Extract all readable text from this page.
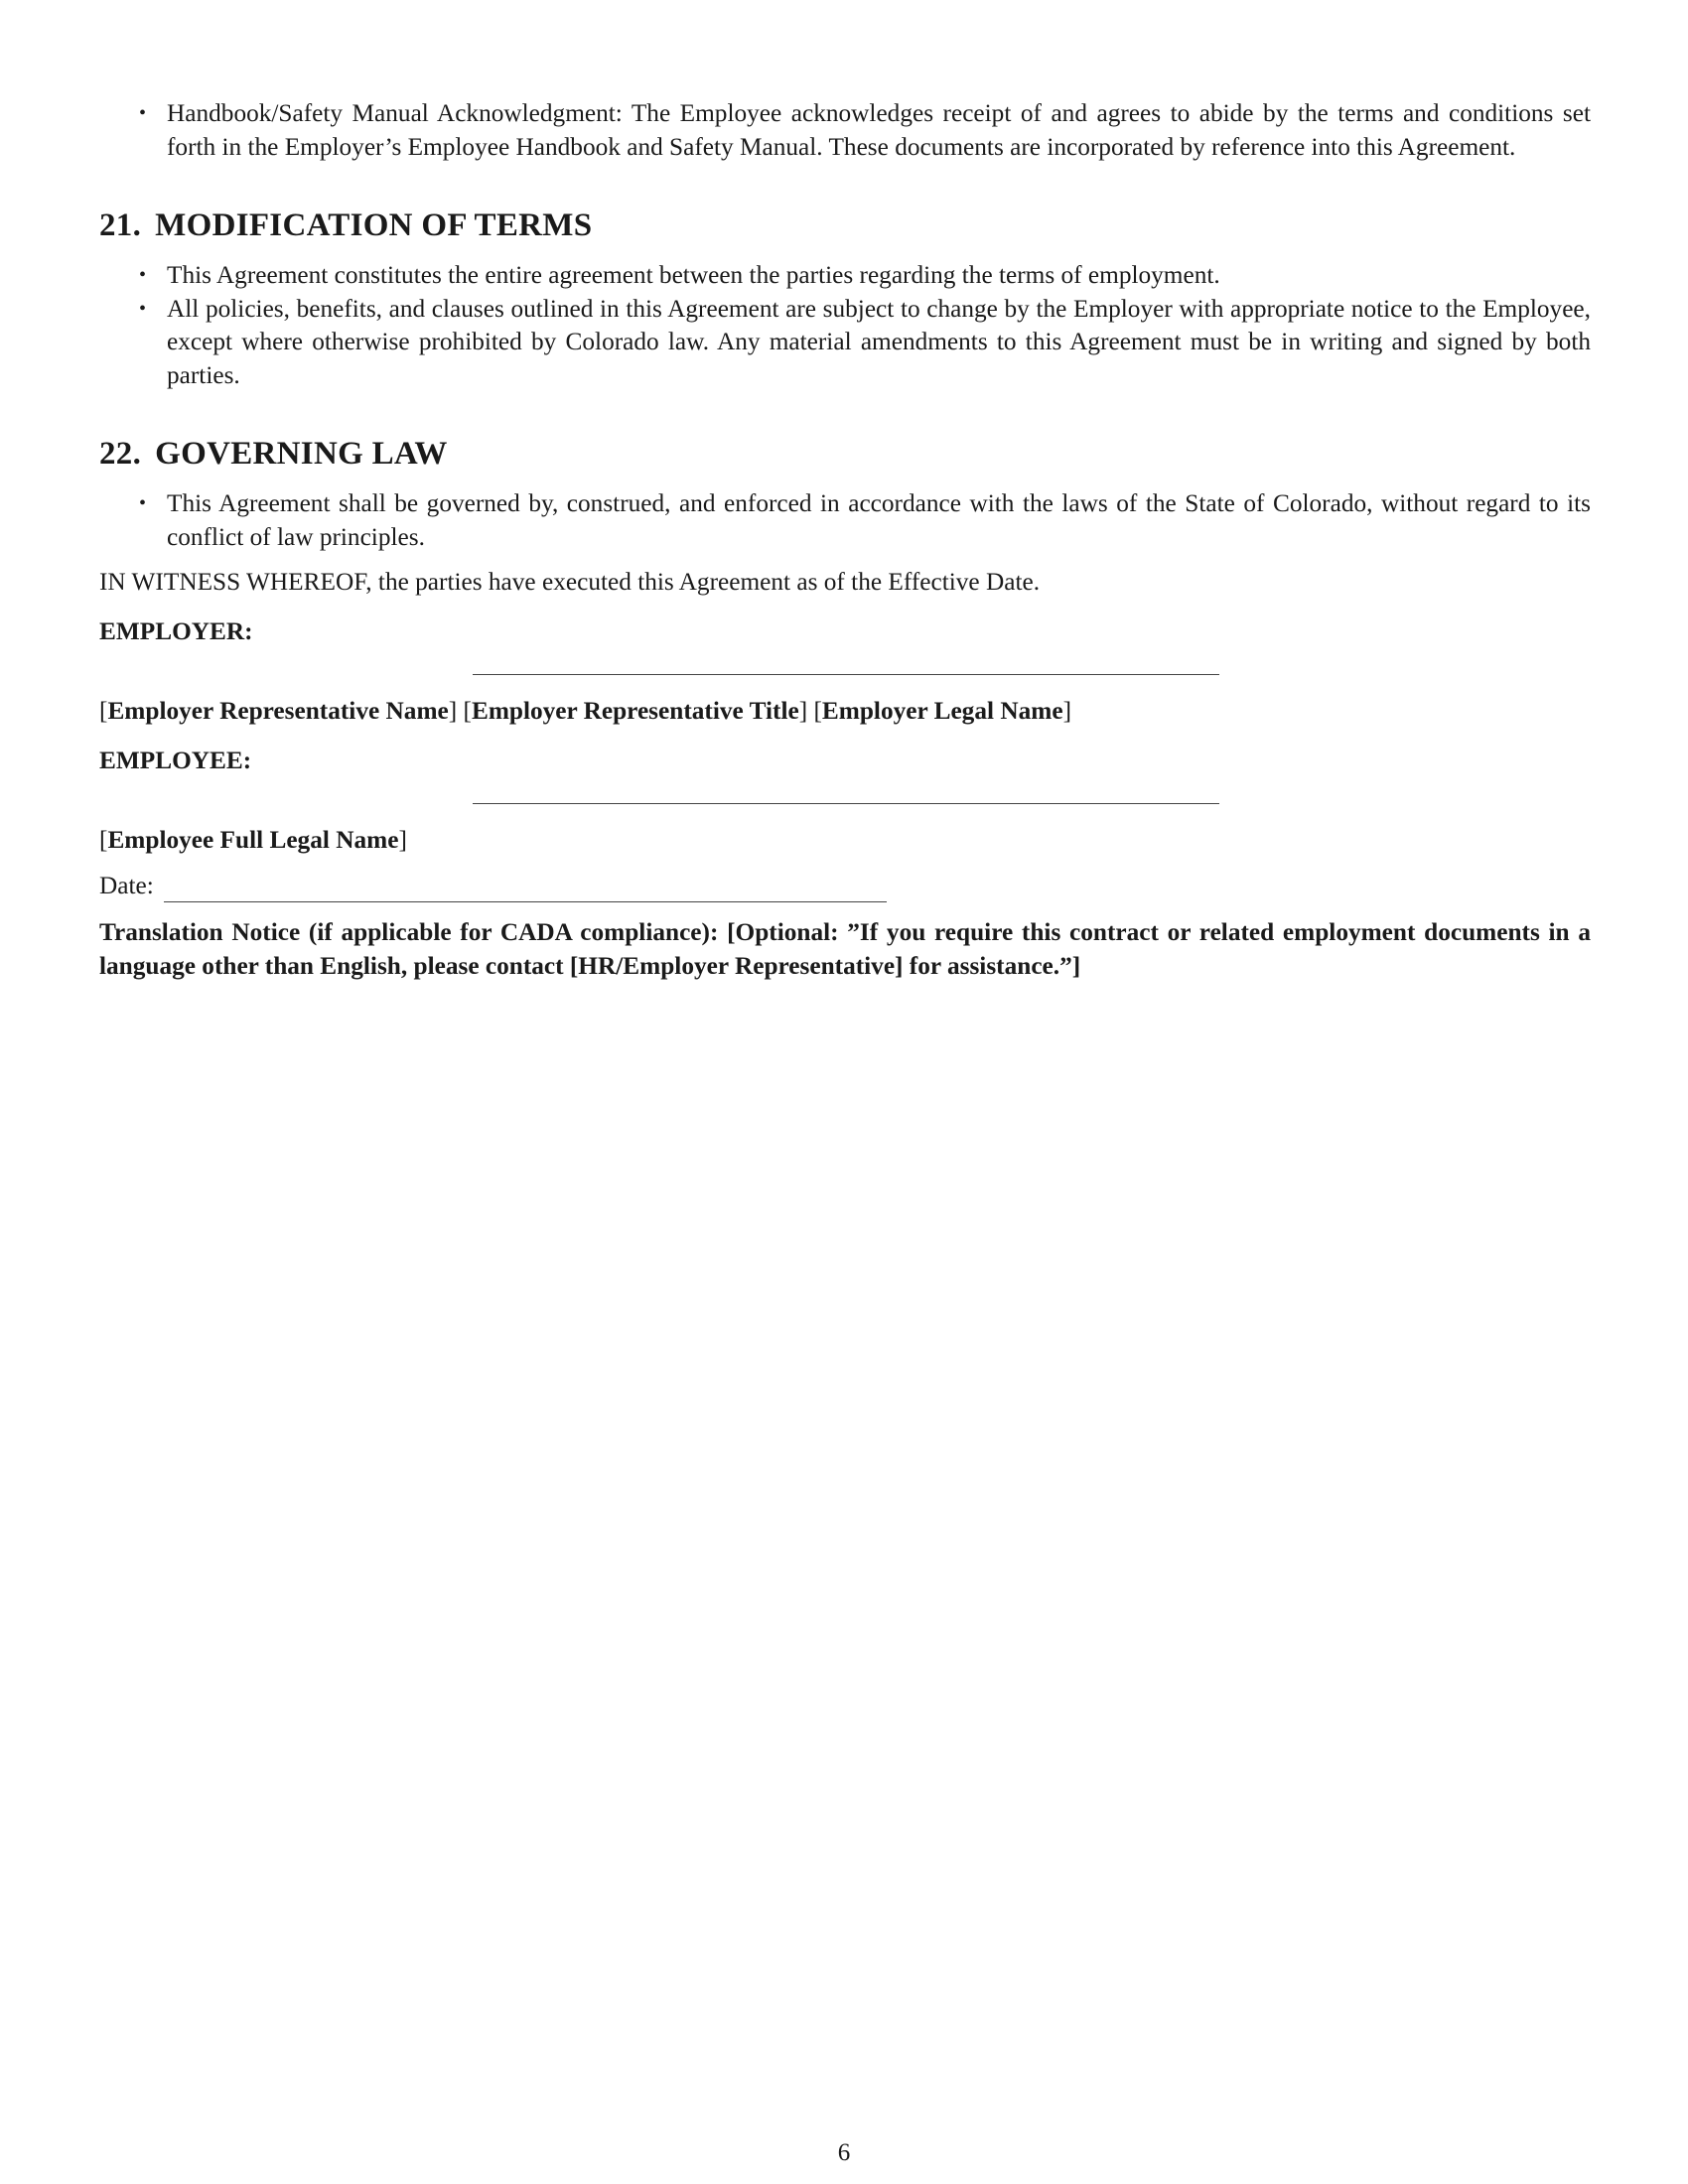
• Handbook/Safety Manual Acknowledgment: The Employee acknowledges receipt of and agrees to abide by the terms and conditions set forth in the Employer’s Employee Handbook and Safety Manual. These documents are incorporated by reference into this Agreement.
21. MODIFICATION OF TERMS
• This Agreement constitutes the entire agreement between the parties regarding the terms of employment.
• All policies, benefits, and clauses outlined in this Agreement are subject to change by the Employer with appropriate notice to the Employee, except where otherwise prohibited by Colorado law. Any material amendments to this Agreement must be in writing and signed by both parties.
22. GOVERNING LAW
• This Agreement shall be governed by, construed, and enforced in accordance with the laws of the State of Colorado, without regard to its conflict of law principles.
IN WITNESS WHEREOF, the parties have executed this Agreement as of the Effective Date.
EMPLOYER:
[Employer Representative Name] [Employer Representative Title] [Employer Legal Name]
EMPLOYEE:
[Employee Full Legal Name]
Date:
Translation Notice (if applicable for CADA compliance): [Optional: ”If you require this contract or related employment documents in a language other than English, please contact [HR/Employer Representative] for assistance.”]
6
